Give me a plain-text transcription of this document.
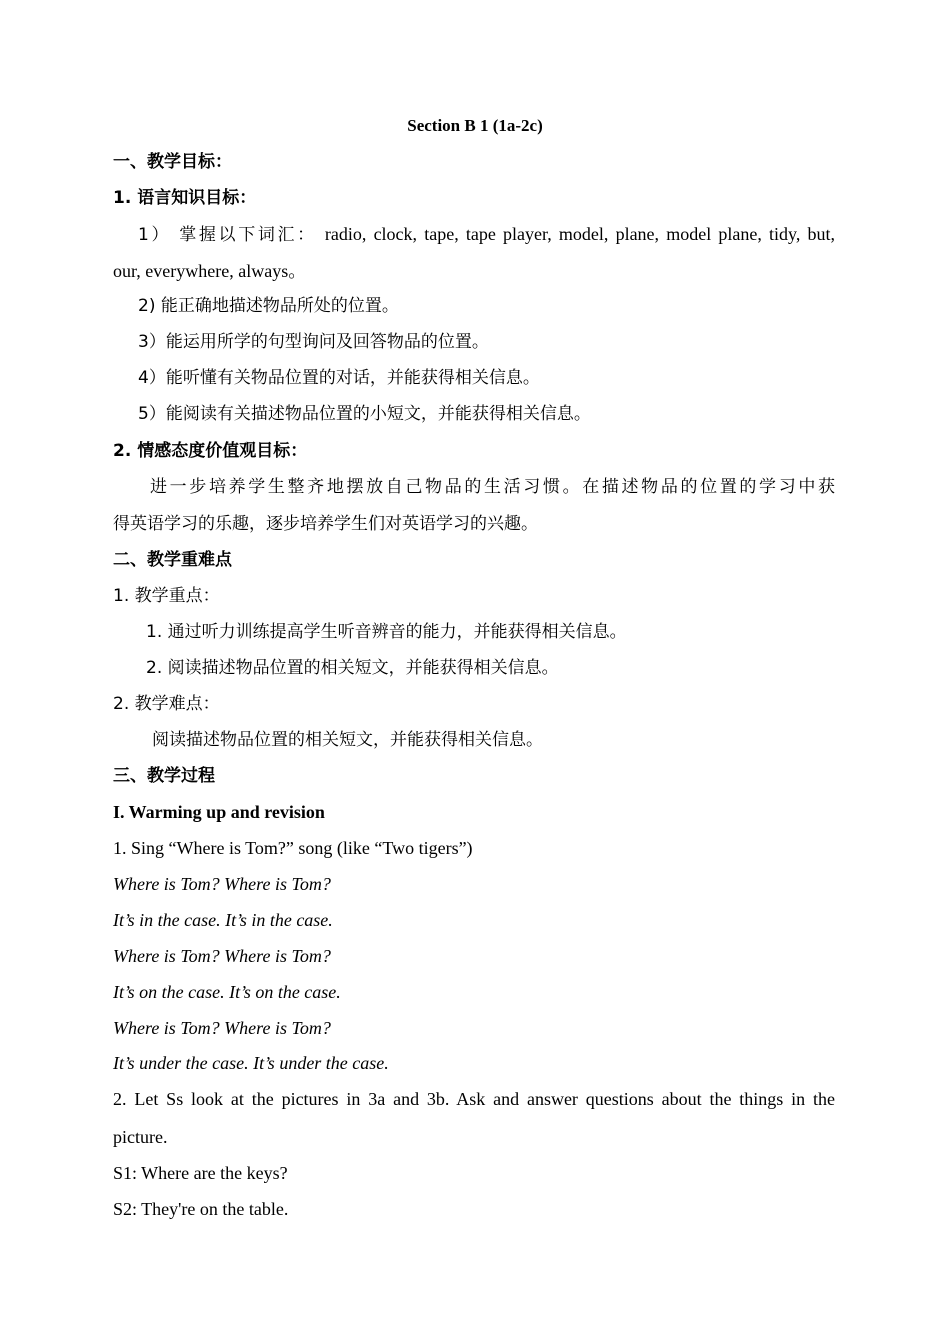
Section B 1 (1a-2c)
一、教学目标：
1. 语言知识目标：
1） 掌握以下词汇： radio, clock, tape, tape player, model, plane, model plane, tidy, but,
our, everywhere, always。
2) 能正确地描述物品所处的位置。
3）能运用所学的句型询问及回答物品的位置。
4）能听懂有关物品位置的对话，并能获得相关信息。
5）能阅读有关描述物品位置的小短文，并能获得相关信息。
2. 情感态度价值观目标：
进一步培养学生整齐地摆放自己物品的生活习惯。在描述物品的位置的学习中获
得英语学习的乐趣，逐步培养学生们对英语学习的兴趣。
二、教学重难点
1. 教学重点：
1. 通过听力训练提高学生听音辨音的能力，并能获得相关信息。
2. 阅读描述物品位置的相关短文，并能获得相关信息。
2. 教学难点：
阅读描述物品位置的相关短文，并能获得相关信息。
三、教学过程
I. Warming up and revision
1. Sing “Where is Tom?” song (like “Two tigers”)
Where is Tom? Where is Tom?
It’s in the case. It’s in the case.
Where is Tom? Where is Tom?
It’s on the case. It’s on the case.
Where is Tom? Where is Tom?
It’s under the case. It’s under the case.
2. Let Ss look at the pictures in 3a and 3b. Ask and answer questions about the things in the
picture.
S1: Where are the keys?
S2: They're on the table.
